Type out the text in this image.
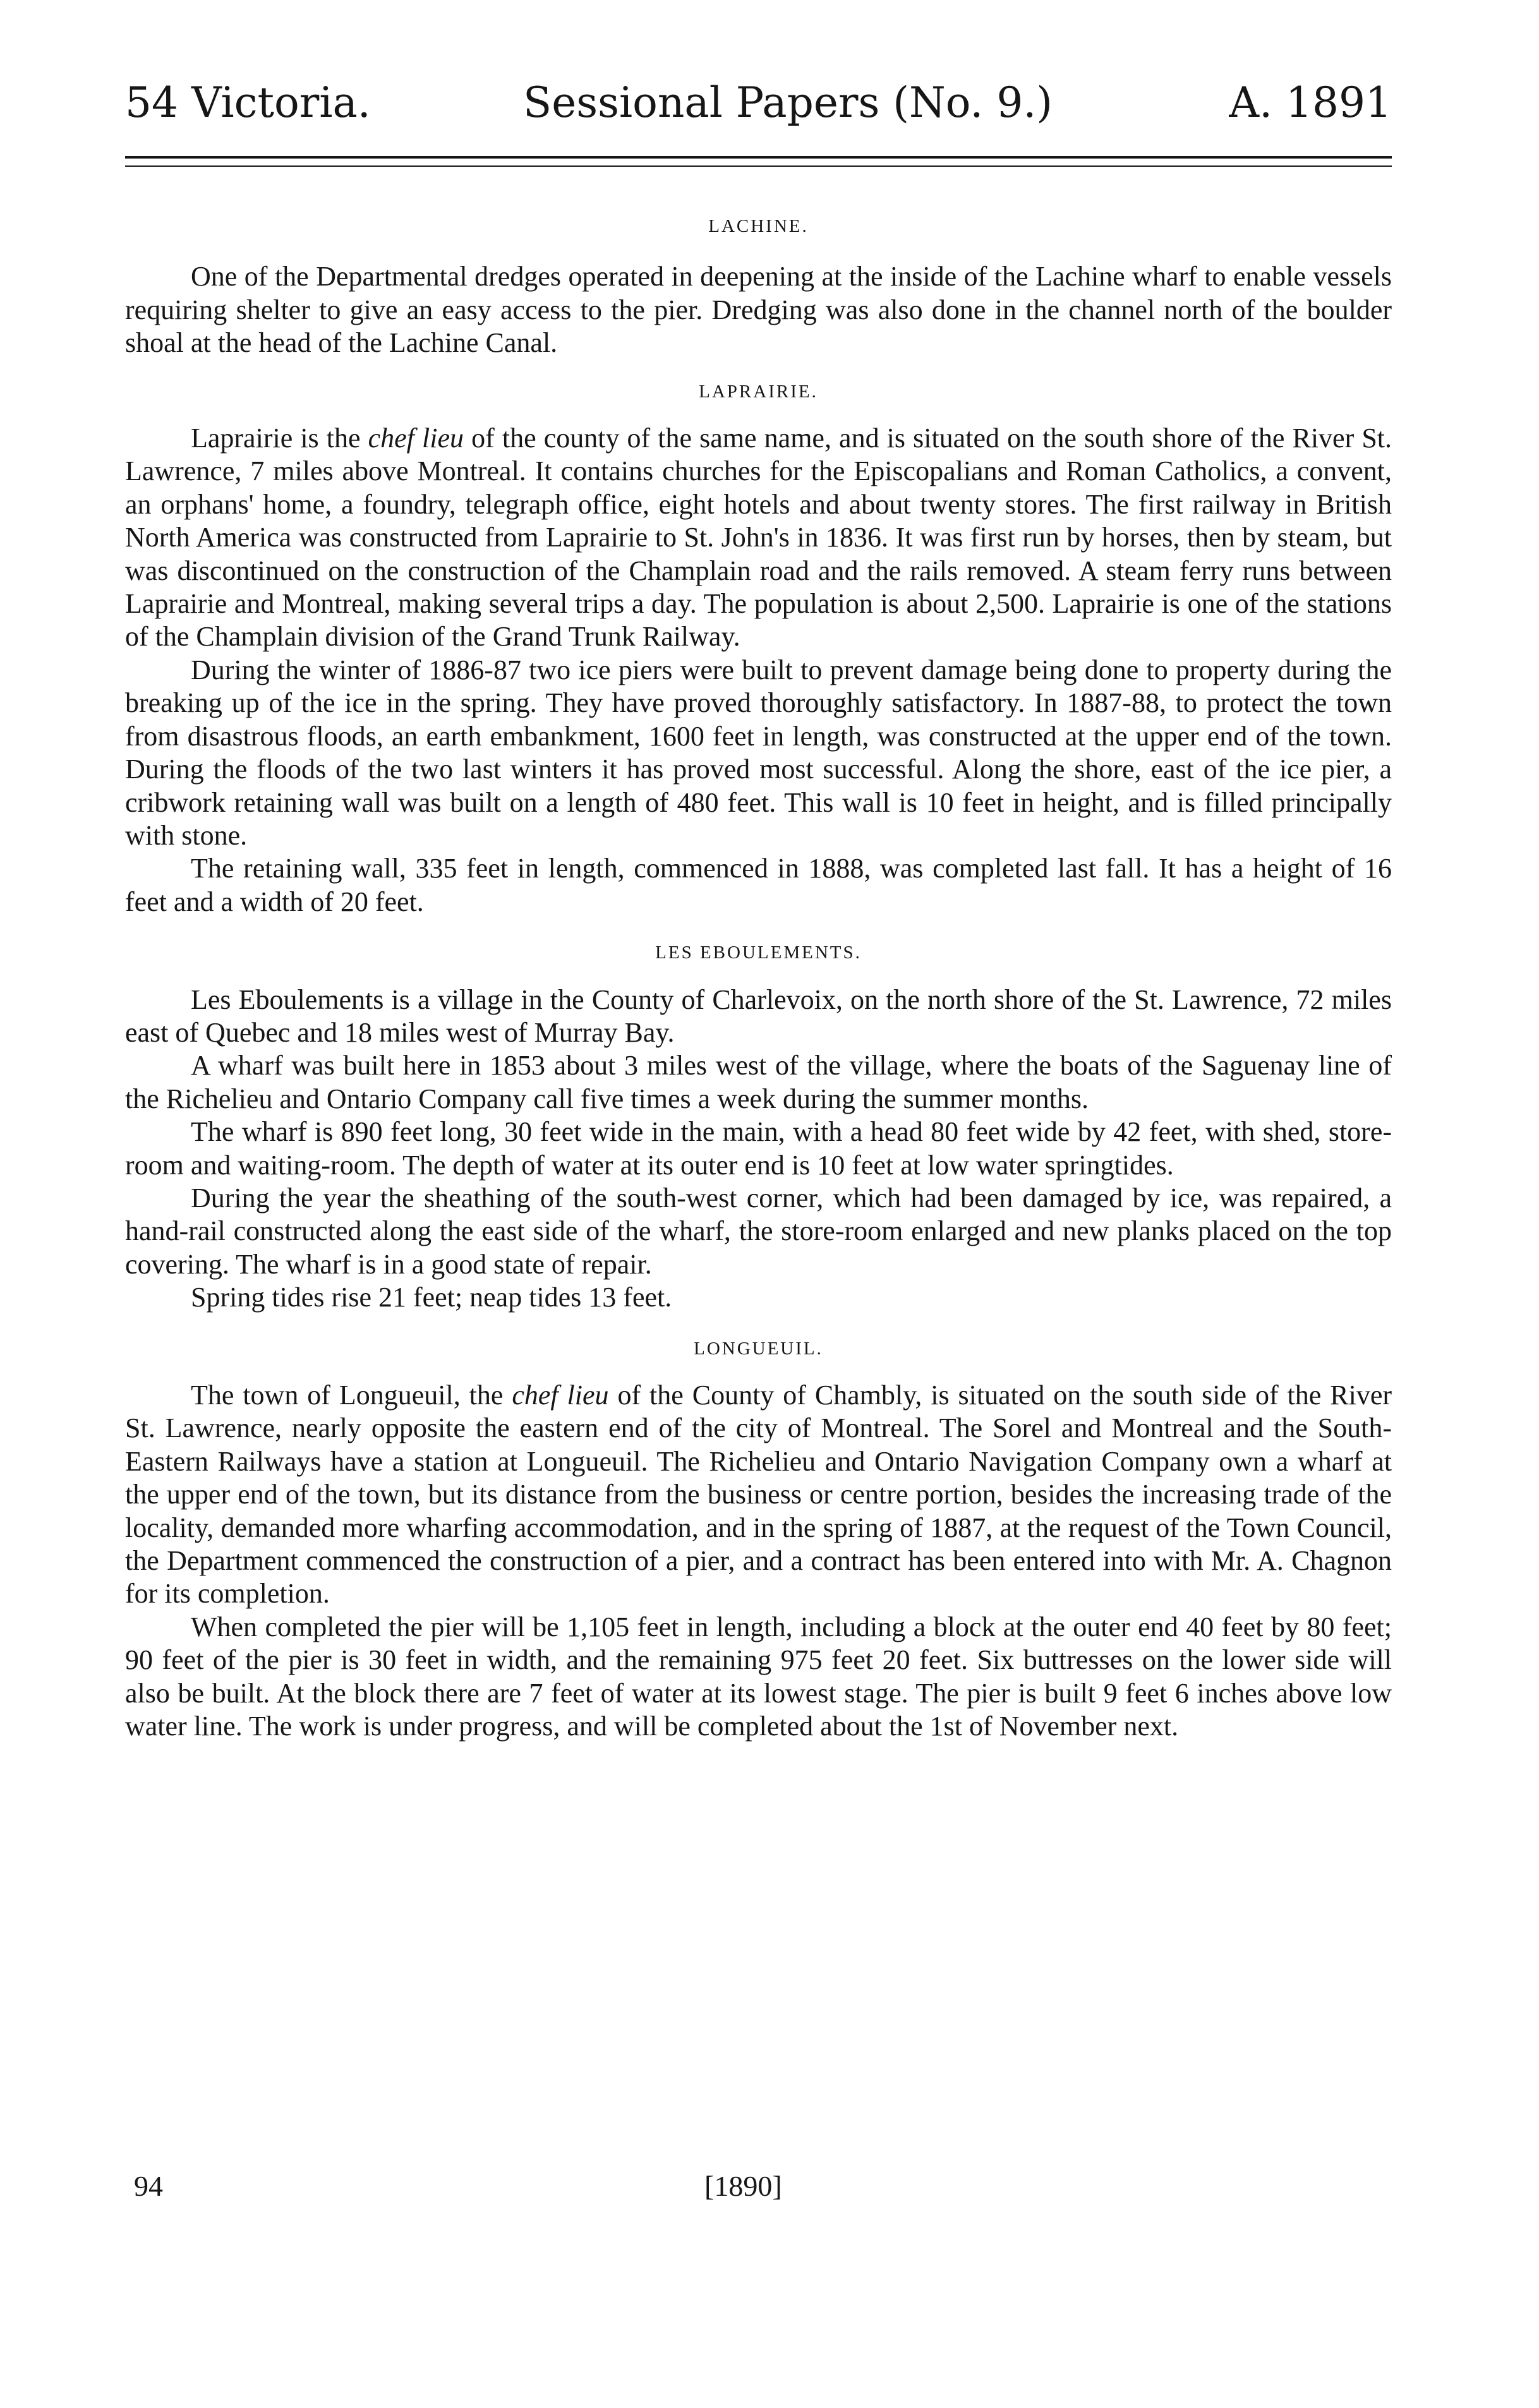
54 Victoria.	Sessional Papers (No. 9.)	A. 1891
LACHINE.

One of the Departmental dredges operated in deepening at the inside of the Lachine wharf to enable vessels requiring shelter to give an easy access to the pier. Dredging was also done in the channel north of the boulder shoal at the head of the Lachine Canal.

LAPRAIRIE.

Laprairie is the chef lieu of the county of the same name, and is situated on the south shore of the River St. Lawrence, 7 miles above Montreal. It contains churches for the Episcopalians and Roman Catholics, a convent, an orphans' home, a foundry, telegraph office, eight hotels and about twenty stores. The first railway in British North America was constructed from Laprairie to St. John's in 1836. It was first run by horses, then by steam, but was discontinued on the construction of the Champlain road and the rails removed. A steam ferry runs between Laprairie and Montreal, making several trips a day. The population is about 2,500. Laprairie is one of the stations of the Champlain division of the Grand Trunk Railway.

During the winter of 1886-87 two ice piers were built to prevent damage being done to property during the breaking up of the ice in the spring. They have proved thoroughly satisfactory. In 1887-88, to protect the town from disastrous floods, an earth embankment, 1600 feet in length, was constructed at the upper end of the town. During the floods of the two last winters it has proved most successful. Along the shore, east of the ice pier, a cribwork retaining wall was built on a length of 480 feet. This wall is 10 feet in height, and is filled principally with stone.

The retaining wall, 335 feet in length, commenced in 1888, was completed last fall. It has a height of 16 feet and a width of 20 feet.

LES EBOULEMENTS.

Les Eboulements is a village in the County of Charlevoix, on the north shore of the St. Lawrence, 72 miles east of Quebec and 18 miles west of Murray Bay.

A wharf was built here in 1853 about 3 miles west of the village, where the boats of the Saguenay line of the Richelieu and Ontario Company call five times a week during the summer months.

The wharf is 890 feet long, 30 feet wide in the main, with a head 80 feet wide by 42 feet, with shed, store-room and waiting-room. The depth of water at its outer end is 10 feet at low water springtides.

During the year the sheathing of the south-west corner, which had been damaged by ice, was repaired, a hand-rail constructed along the east side of the wharf, the store-room enlarged and new planks placed on the top covering. The wharf is in a good state of repair.

Spring tides rise 21 feet; neap tides 13 feet.

LONGUEUIL.

The town of Longueuil, the chef lieu of the County of Chambly, is situated on the south side of the River St. Lawrence, nearly opposite the eastern end of the city of Montreal. The Sorel and Montreal and the South-Eastern Railways have a station at Longueuil. The Richelieu and Ontario Navigation Company own a wharf at the upper end of the town, but its distance from the business or centre portion, besides the increasing trade of the locality, demanded more wharfing accommodation, and in the spring of 1887, at the request of the Town Council, the Department commenced the construction of a pier, and a contract has been entered into with Mr. A. Chagnon for its completion.

When completed the pier will be 1,105 feet in length, including a block at the outer end 40 feet by 80 feet; 90 feet of the pier is 30 feet in width, and the remaining 975 feet 20 feet. Six buttresses on the lower side will also be built. At the block there are 7 feet of water at its lowest stage. The pier is built 9 feet 6 inches above low water line. The work is under progress, and will be completed about the 1st of November next.

94	[1890]
